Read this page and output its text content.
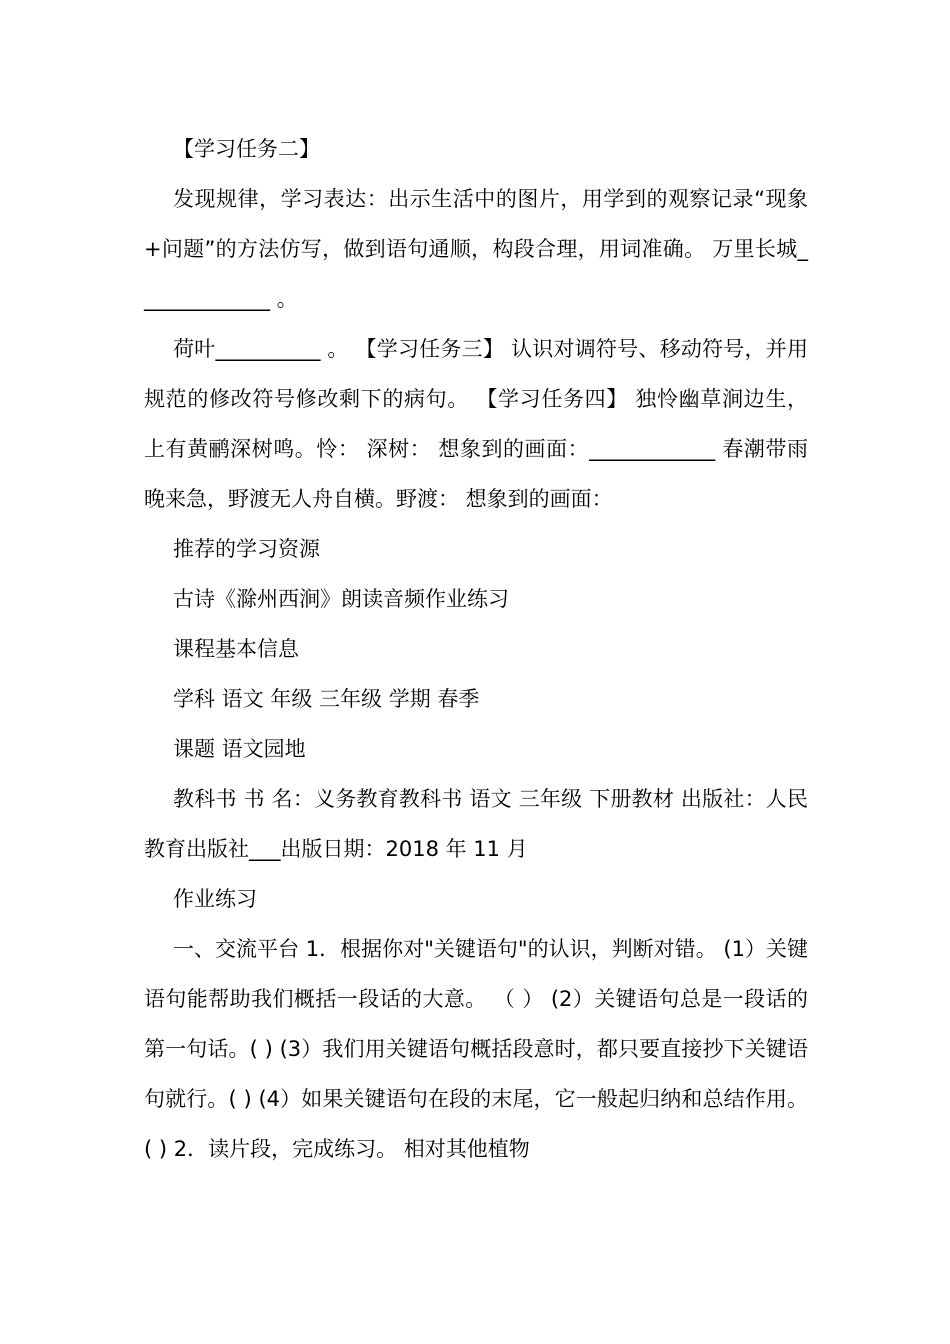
【学习任务二】

发现规律，学习表达：出示生活中的图片，用学到的观察记录“现象+问题”的方法仿写，做到语句通顺，构段合理，用词准确。 万里长城_____________ 。

荷叶__________ 。 【学习任务三】 认识对调符号、移动符号，并用规范的修改符号修改剩下的病句。 【学习任务四】 独怜幽草涧边生，上有黄鹂深树鸣。怜： 深树： 想象到的画面：____________ 春潮带雨晚来急，野渡无人舟自横。野渡： 想象到的画面：

推荐的学习资源

古诗《滁州西涧》朗读音频作业练习

课程基本信息

学科 语文 年级 三年级 学期 春季

课题 语文园地

教科书 书 名：义务教育教科书 语文 三年级 下册教材 出版社：人民教育出版社___出版日期：2018 年 11 月

作业练习

一、交流平台 1．根据你对"关键语句"的认识，判断对错。 (1）关键语句能帮助我们概括一段话的大意。 （ ） (2）关键语句总是一段话的第一句话。( ) (3）我们用关键语句概括段意时，都只要直接抄下关键语句就行。( ) (4）如果关键语句在段的末尾，它一般起归纳和总结作用。( ) 2．读片段，完成练习。 相对其他植物
